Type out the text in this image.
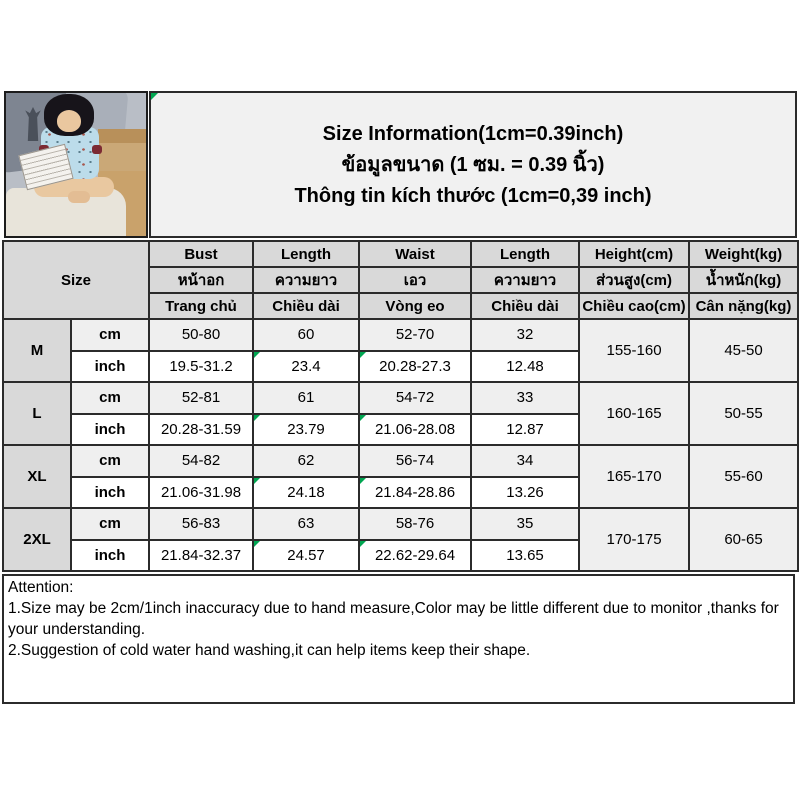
Size Information(1cm=0.39inch)
ข้อมูลขนาด (1 ซม. = 0.39 นิ้ว)
Thông tin kích thước (1cm=0,39 inch)
Size		Bust	Length	Waist	Length	Height(cm)	Weight(kg)
		หน้าอก	ความยาว	เอว	ความยาว	ส่วนสูง(cm)	น้ำหนัก(kg)
		Trang chủ	Chiều dài	Vòng eo	Chiều dài	Chiều cao(cm)	Cân nặng(kg)
M	cm	50-80	60	52-70	32	155-160	45-50
	inch	19.5-31.2	23.4	20.28-27.3	12.48		
L	cm	52-81	61	54-72	33	160-165	50-55
	inch	20.28-31.59	23.79	21.06-28.08	12.87		
XL	cm	54-82	62	56-74	34	165-170	55-60
	inch	21.06-31.98	24.18	21.84-28.86	13.26		
2XL	cm	56-83	63	58-76	35	170-175	60-65
	inch	21.84-32.37	24.57	22.62-29.64	13.65		
Attention:
1.Size may be 2cm/1inch inaccuracy due to hand measure,Color may be little different due to monitor ,thanks for your understanding.
2.Suggestion of cold water hand washing,it can help items keep their shape.
